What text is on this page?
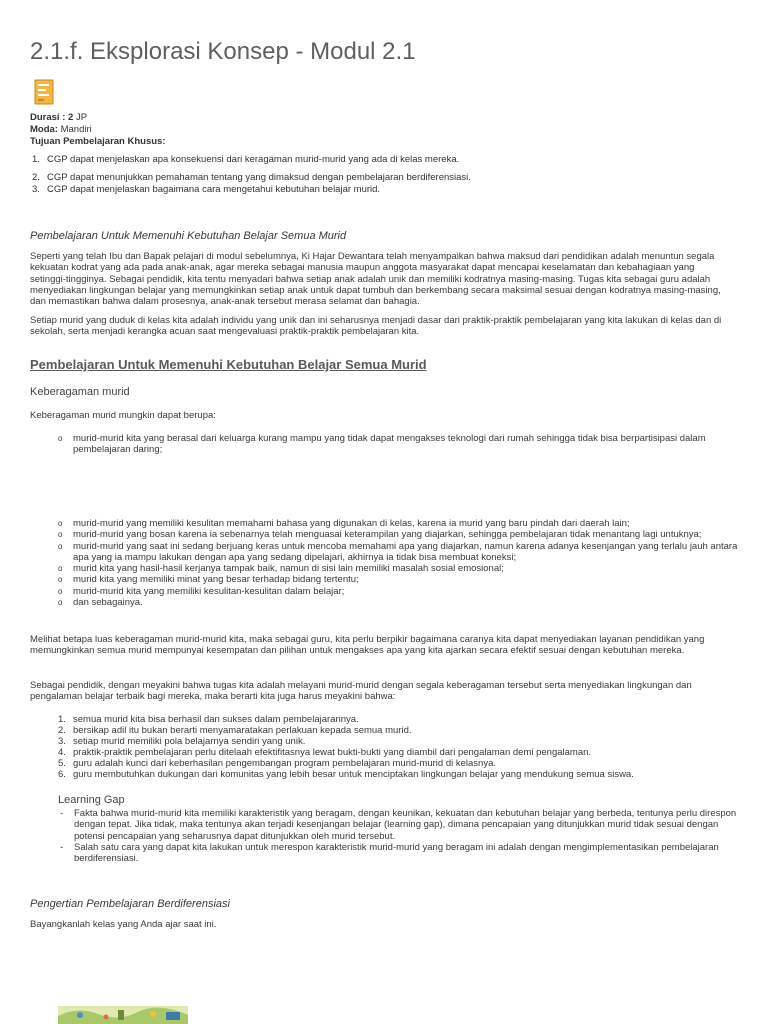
2.1.f. Eksplorasi Konsep - Modul 2.1
Durasi : 2 JP
Moda: Mandiri
Tujuan Pembelajaran Khusus:
1. CGP dapat menjelaskan apa konsekuensi dari keragaman murid-murid yang ada di kelas mereka.
2. CGP dapat menunjukkan pemahaman tentang yang dimaksud dengan pembelajaran berdiferensiasi.
3. CGP dapat menjelaskan bagaimana cara mengetahui kebutuhan belajar murid.
Pembelajaran Untuk Memenuhi Kebutuhan Belajar Semua Murid

Seperti yang telah Ibu dan Bapak pelajari di modul sebelumnya, Ki Hajar Dewantara telah menyampaikan bahwa maksud dari pendidikan adalah menuntun segala kekuatan kodrat yang ada pada anak-anak, agar mereka sebagai manusia maupun anggota masyarakat dapat mencapai keselamatan dan kebahagiaan yang setinggi-tingginya. Sebagai pendidik, kita tentu menyadari bahwa setiap anak adalah unik dan memiliki kodratnya masing-masing. Tugas kita sebagai guru adalah menyediakan lingkungan belajar yang memungkinkan setiap anak untuk dapat tumbuh dan berkembang secara maksimal sesuai dengan kodratnya masing-masing, dan memastikan bahwa dalam prosesnya, anak-anak tersebut merasa selamat dan bahagia.

Setiap murid yang duduk di kelas kita adalah individu yang unik dan ini seharusnya menjadi dasar dari praktik-praktik pembelajaran yang kita lakukan di kelas dan di sekolah, serta menjadi kerangka acuan saat mengevaluasi praktik-praktik pembelajaran kita.

Pembelajaran Untuk Memenuhi Kebutuhan Belajar Semua Murid
Keberagaman murid

Keberagaman murid mungkin dapat berupa:

o murid-murid kita yang berasal dari keluarga kurang mampu yang tidak dapat mengakses teknologi dari rumah sehingga tidak bisa berpartisipasi dalam pembelajaran daring;
o murid-murid yang memiliki kesulitan memahami bahasa yang digunakan di kelas, karena ia murid yang baru pindah dari daerah lain;
o murid-murid yang bosan karena ia sebenarnya telah menguasai keterampilan yang diajarkan, sehingga pembelajaran tidak menantang lagi untuknya;
o murid-murid yang saat ini sedang berjuang keras untuk mencoba memahami apa yang diajarkan, namun karena adanya kesenjangan yang terlalu jauh antara apa yang ia mampu lakukan dengan apa yang sedang dipelajari, akhirnya ia tidak bisa membuat koneksi;
o murid kita yang hasil-hasil kerjanya tampak baik, namun di sisi lain memiliki masalah sosial emosional;
o murid kita yang memiliki minat yang besar terhadap bidang tertentu;
o murid-murid kita yang memiliki kesulitan-kesulitan dalam belajar;
o dan sebagainya.

Melihat betapa luas keberagaman murid-murid kita, maka sebagai guru, kita perlu berpikir bagaimana caranya kita dapat menyediakan layanan pendidikan yang memungkinkan semua murid mempunyai kesempatan dan pilihan untuk mengakses apa yang kita ajarkan secara efektif sesuai dengan kebutuhan mereka.

Sebagai pendidik, dengan meyakini bahwa tugas kita adalah melayani murid-murid dengan segala keberagaman tersebut serta menyediakan lingkungan dan pengalaman belajar terbaik bagi mereka, maka berarti kita juga harus meyakini bahwa:

1. semua murid kita bisa berhasil dan sukses dalam pembelajarannya.
2. bersikap adil itu bukan berarti menyamaratakan perlakuan kepada semua murid.
3. setiap murid memiliki pola belajarnya sendiri yang unik.
4. praktik-praktik pembelajaran perlu ditelaah efektifitasnya lewat bukti-bukti yang diambil dari pengalaman demi pengalaman.
5. guru adalah kunci dari keberhasilan pengembangan program pembelajaran murid-murid di kelasnya.
6. guru membutuhkan dukungan dari komunitas yang lebih besar untuk menciptakan lingkungan belajar yang mendukung semua siswa.
Learning Gap
- Fakta bahwa murid-murid kita memiliki karakteristik yang beragam, dengan keunikan, kekuatan dan kebutuhan belajar yang berbeda, tentunya perlu direspon dengan tepat. Jika tidak, maka tentunya akan terjadi kesenjangan belajar (learning gap), dimana pencapaian yang ditunjukkan murid tidak sesuai dengan potensi pencapaian yang seharusnya dapat ditunjukkan oleh murid tersebut.
- Salah satu cara yang dapat kita lakukan untuk merespon karakteristik murid-murid yang beragam ini adalah dengan mengimplementasikan pembelajaran berdiferensiasi.
Pengertian Pembelajaran Berdiferensiasi

Bayangkanlah kelas yang Anda ajar saat ini.
